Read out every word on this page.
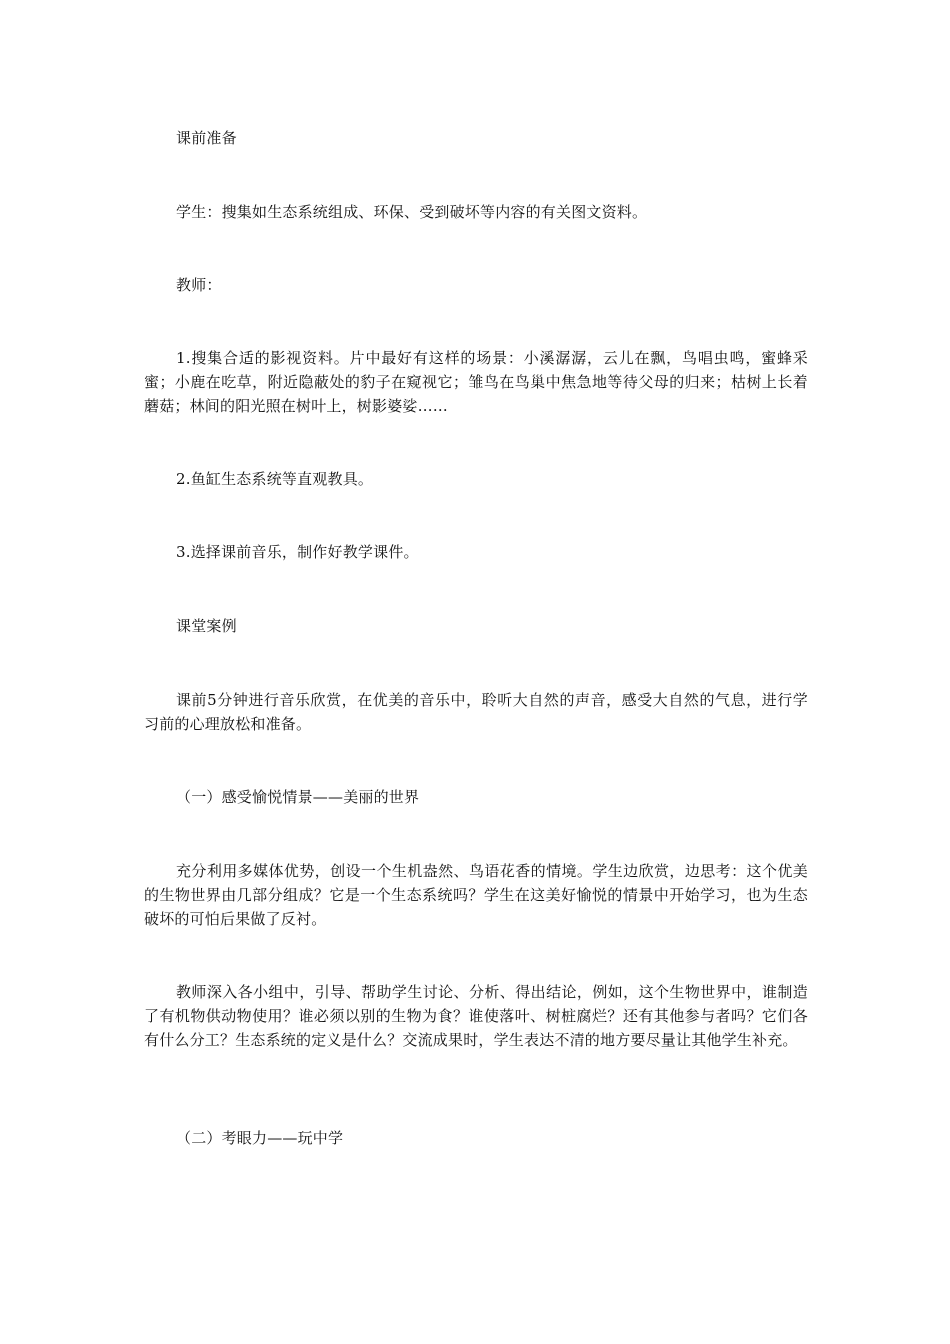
课前准备

学生：搜集如生态系统组成、环保、受到破坏等内容的有关图文资料。

教师：

1.搜集合适的影视资料。片中最好有这样的场景：小溪潺潺，云儿在飘，鸟唱虫鸣，蜜蜂采蜜；小鹿在吃草，附近隐蔽处的豹子在窥视它；雏鸟在鸟巢中焦急地等待父母的归来；枯树上长着蘑菇；林间的阳光照在树叶上，树影婆娑……

2.鱼缸生态系统等直观教具。

3.选择课前音乐，制作好教学课件。

课堂案例

课前5分钟进行音乐欣赏，在优美的音乐中，聆听大自然的声音，感受大自然的气息，进行学习前的心理放松和准备。

（一）感受愉悦情景——美丽的世界

充分利用多媒体优势，创设一个生机盎然、鸟语花香的情境。学生边欣赏，边思考：这个优美的生物世界由几部分组成？它是一个生态系统吗？学生在这美好愉悦的情景中开始学习，也为生态破坏的可怕后果做了反衬。

教师深入各小组中，引导、帮助学生讨论、分析、得出结论，例如，这个生物世界中，谁制造了有机物供动物使用？谁必须以别的生物为食？谁使落叶、树桩腐烂？还有其他参与者吗？它们各有什么分工？生态系统的定义是什么？交流成果时，学生表达不清的地方要尽量让其他学生补充。

（二）考眼力——玩中学
